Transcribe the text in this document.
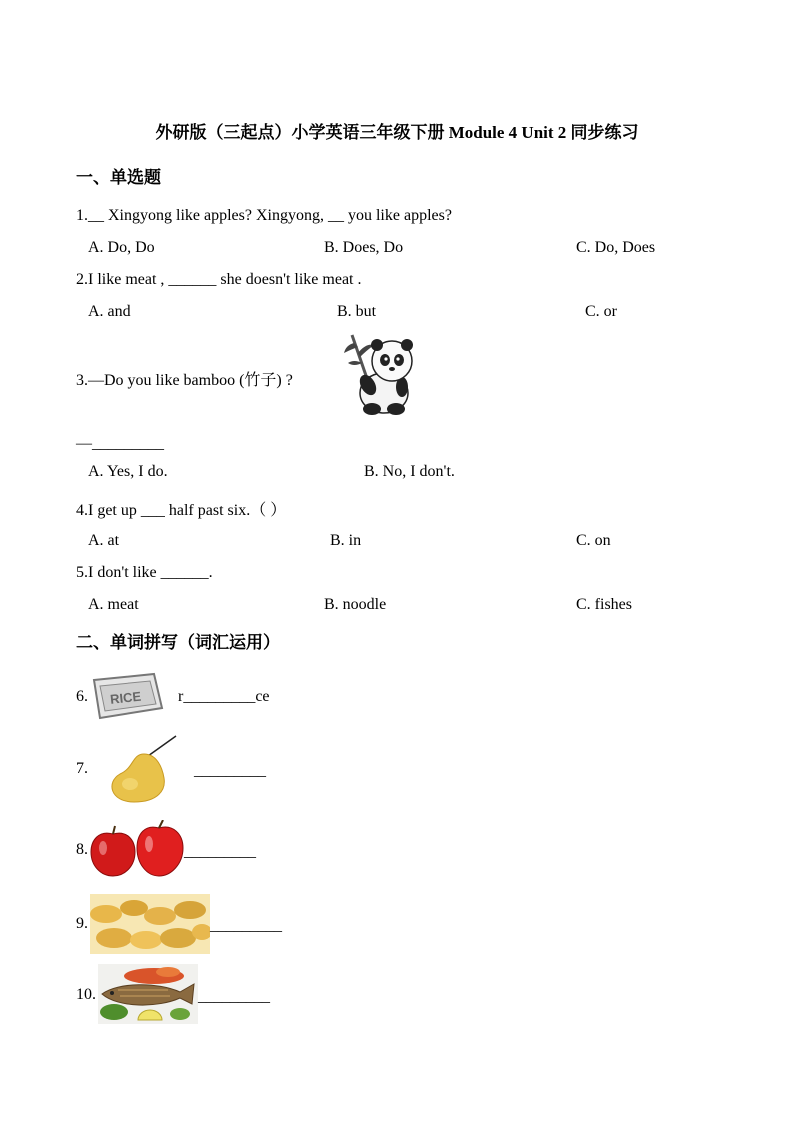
外研版（三起点）小学英语三年级下册 Module 4 Unit 2 同步练习
一、单选题
1.__ Xingyong like apples? Xingyong, __ you like apples?
A. Do, Do	B. Does, Do	C. Do, Does
2.I like meat , ______ she doesn't like meat .
A. and	B. but	C. or
3.—Do you like bamboo (竹子) ?
—_________
A. Yes, I do.	B. No, I don't.
4.I get up ___ half past six.（ ）
A. at	B. in	C. on
5.I don't like ______.
A. meat	B. noodle	C. fishes
二、单词拼写（词汇运用）
6. RICE r_________ce
7.	_________
8.	_________
9.	_________
10.	_________
